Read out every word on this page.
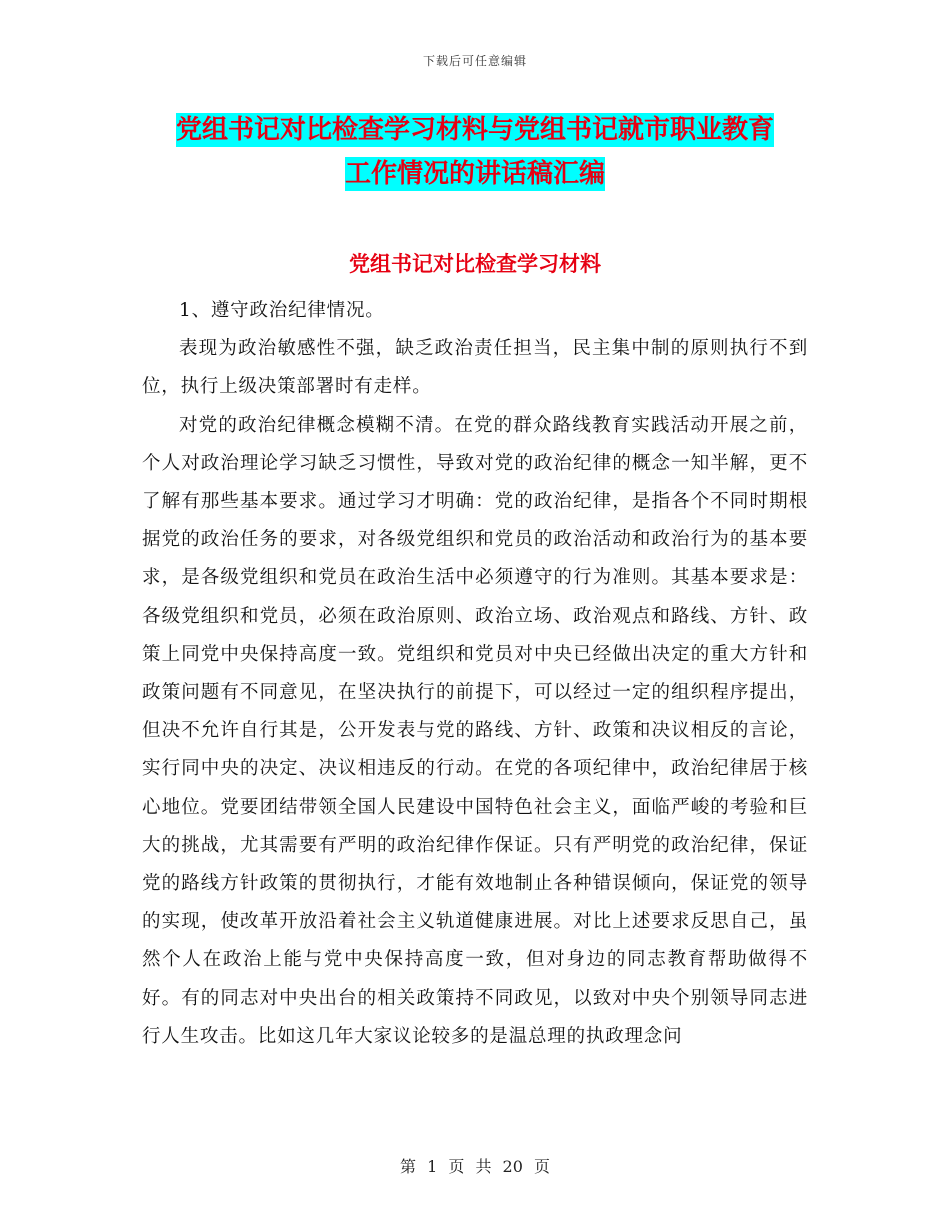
下载后可任意编辑
党组书记对比检查学习材料与党组书记就市职业教育
工作情况的讲话稿汇编
党组书记对比检查学习材料

1、遵守政治纪律情况。

表现为政治敏感性不强，缺乏政治责任担当，民主集中制的原则执行不到位，执行上级决策部署时有走样。

对党的政治纪律概念模糊不清。在党的群众路线教育实践活动开展之前，个人对政治理论学习缺乏习惯性，导致对党的政治纪律的概念一知半解，更不了解有那些基本要求。通过学习才明确：党的政治纪律，是指各个不同时期根据党的政治任务的要求，对各级党组织和党员的政治活动和政治行为的基本要求，是各级党组织和党员在政治生活中必须遵守的行为准则。其基本要求是：各级党组织和党员，必须在政治原则、政治立场、政治观点和路线、方针、政策上同党中央保持高度一致。党组织和党员对中央已经做出决定的重大方针和政策问题有不同意见，在坚决执行的前提下，可以经过一定的组织程序提出，但决不允许自行其是，公开发表与党的路线、方针、政策和决议相反的言论，实行同中央的决定、决议相违反的行动。在党的各项纪律中，政治纪律居于核心地位。党要团结带领全国人民建设中国特色社会主义，面临严峻的考验和巨大的挑战，尤其需要有严明的政治纪律作保证。只有严明党的政治纪律，保证党的路线方针政策的贯彻执行，才能有效地制止各种错误倾向，保证党的领导的实现，使改革开放沿着社会主义轨道健康进展。对比上述要求反思自己，虽然个人在政治上能与党中央保持高度一致，但对身边的同志教育帮助做得不好。有的同志对中央出台的相关政策持不同政见，以致对中央个别领导同志进行人生攻击。比如这几年大家议论较多的是温总理的执政理念问

第 1 页 共 20 页
